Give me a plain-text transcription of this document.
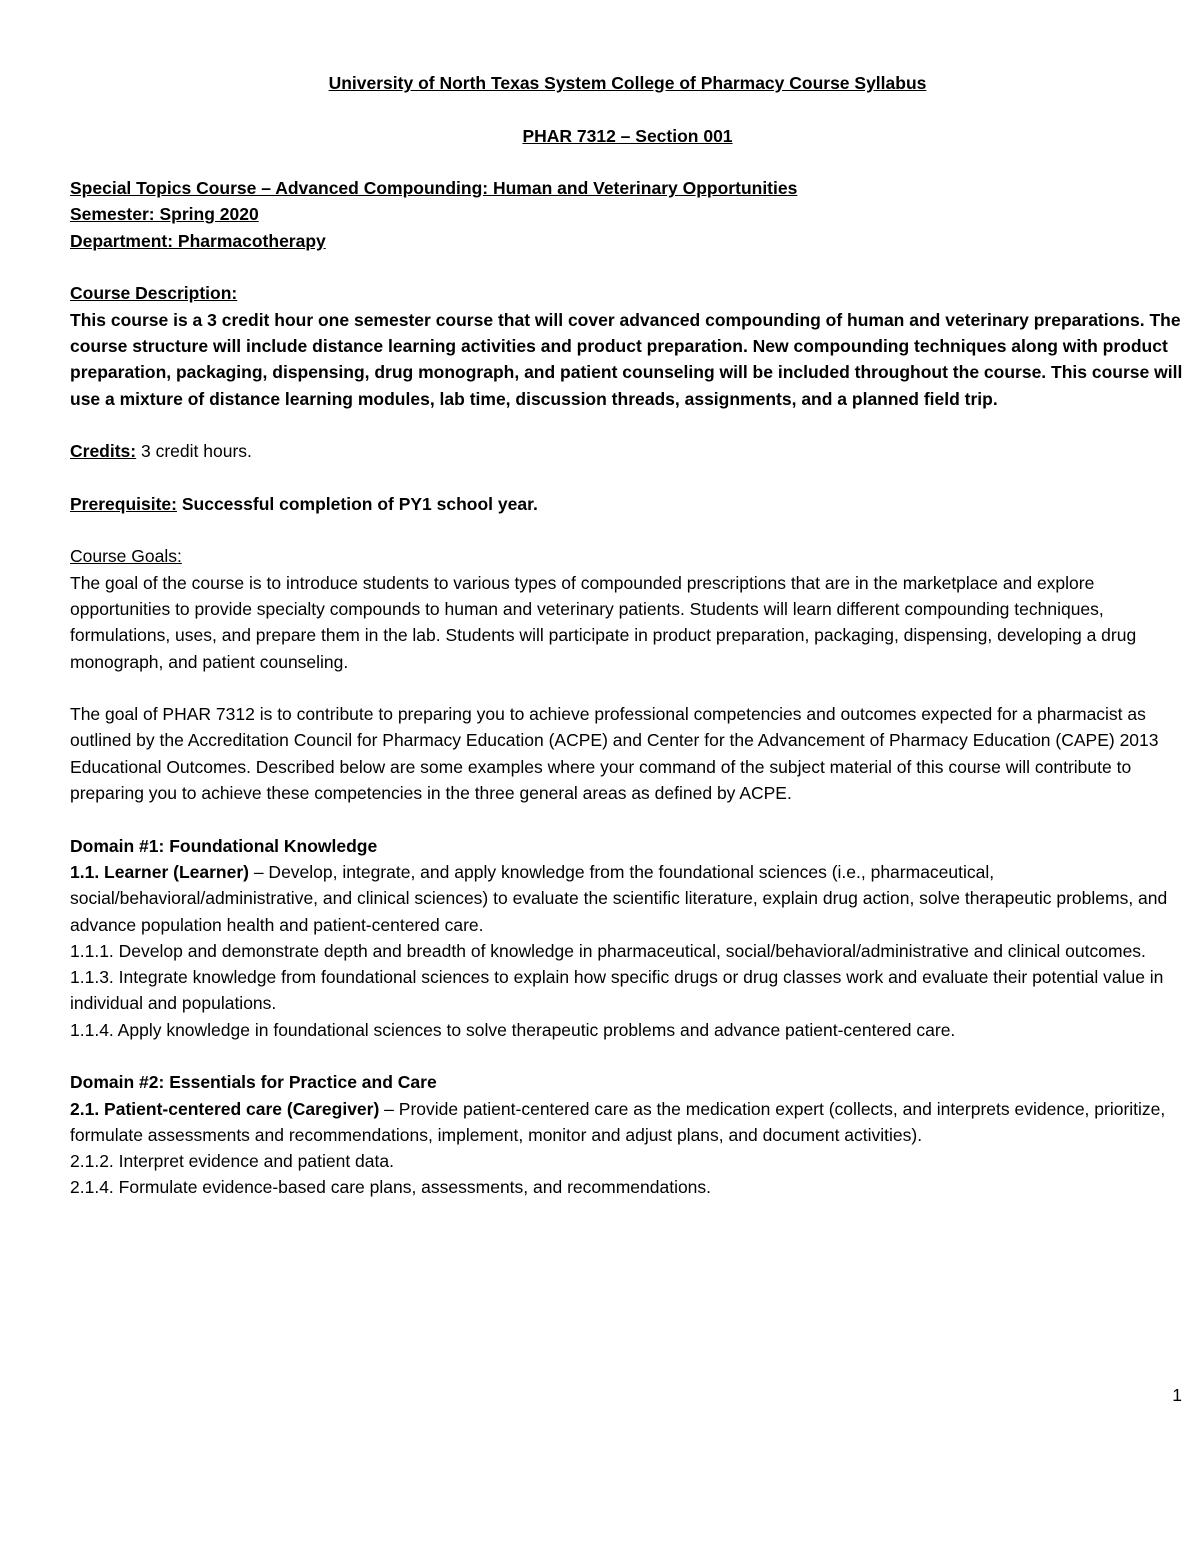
University of North Texas System College of Pharmacy Course Syllabus

PHAR 7312 – Section 001

Special Topics Course – Advanced Compounding: Human and Veterinary Opportunities

Semester: Spring 2020

Department: Pharmacotherapy

Course Description:

This course is a 3 credit hour one semester course that will cover advanced compounding of human and veterinary preparations. The course structure will include distance learning activities and product preparation. New compounding techniques along with product preparation, packaging, dispensing, drug monograph, and patient counseling will be included throughout the course. This course will use a mixture of distance learning modules, lab time, discussion threads, assignments, and a planned field trip.

Credits: 3 credit hours.

Prerequisite: Successful completion of PY1 school year.

Course Goals:

The goal of the course is to introduce students to various types of compounded prescriptions that are in the marketplace and explore opportunities to provide specialty compounds to human and veterinary patients. Students will learn different compounding techniques, formulations, uses, and prepare them in the lab. Students will participate in product preparation, packaging, dispensing, developing a drug monograph, and patient counseling.

The goal of PHAR 7312 is to contribute to preparing you to achieve professional competencies and outcomes expected for a pharmacist as outlined by the Accreditation Council for Pharmacy Education (ACPE) and Center for the Advancement of Pharmacy Education (CAPE) 2013 Educational Outcomes. Described below are some examples where your command of the subject material of this course will contribute to preparing you to achieve these competencies in the three general areas as defined by ACPE.

Domain #1: Foundational Knowledge

1.1. Learner (Learner) – Develop, integrate, and apply knowledge from the foundational sciences (i.e., pharmaceutical, social/behavioral/administrative, and clinical sciences) to evaluate the scientific literature, explain drug action, solve therapeutic problems, and advance population health and patient-centered care.

1.1.1. Develop and demonstrate depth and breadth of knowledge in pharmaceutical, social/behavioral/administrative and clinical outcomes.

1.1.3. Integrate knowledge from foundational sciences to explain how specific drugs or drug classes work and evaluate their potential value in individual and populations.

1.1.4. Apply knowledge in foundational sciences to solve therapeutic problems and advance patient-centered care.

Domain #2: Essentials for Practice and Care

2.1. Patient-centered care (Caregiver) – Provide patient-centered care as the medication expert (collects, and interprets evidence, prioritize, formulate assessments and recommendations, implement, monitor and adjust plans, and document activities).

2.1.2. Interpret evidence and patient data.

2.1.4. Formulate evidence-based care plans, assessments, and recommendations.

1
